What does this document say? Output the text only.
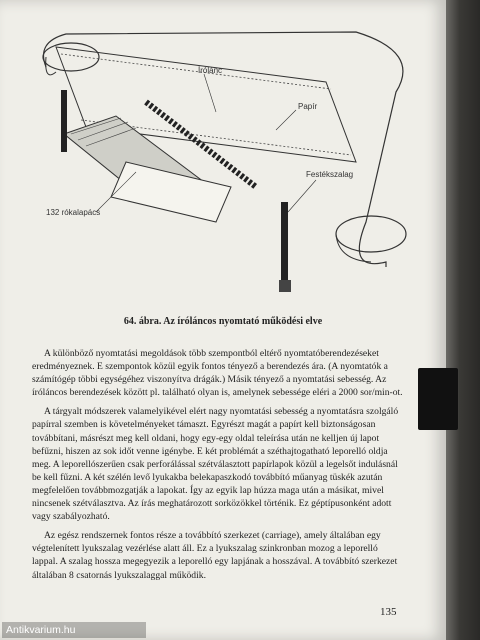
Írólánc
Papír
Festékszalag
132 rókalapács
64. ábra. Az íróláncos nyomtató működési elve

A különböző nyomtatási megoldások több szempontból eltérő nyomtatóberendezéseket eredményeznek. E szempontok közül egyik fontos tényező a berendezés ára. (A nyomtatók a számítógép többi egységéhez viszonyítva drágák.) Másik tényező a nyomtatási sebesség. Az íróláncos berendezések között pl. található olyan is, amelynek sebessége eléri a 2000 sor/min-ot.

A tárgyalt módszerek valamelyikével elért nagy nyomtatási sebesség a nyomtatásra szolgáló papírral szemben is követelményeket támaszt. Egyrészt magát a papírt kell biztonságosan továbbítani, másrészt meg kell oldani, hogy egy-egy oldal teleírása után ne kelljen új lapot befűzni, hiszen az sok időt venne igénybe. E két problémát a széthajtogatható leporelló oldja meg. A leporellószerűen csak perforálással szétválasztott papírlapok közül a legelsőt indulásnál be kell fűzni. A két szélén levő lyukakba belekapaszkodó továbbító műanyag tüskék azután megfelelően továbbmozgatják a lapokat. Így az egyik lap húzza maga után a másikat, mivel nincsenek szétválasztva. Az írás meghatározott sorközökkel történik. Ez géptípusonként adott vagy szabályozható.

Az egész rendszernek fontos része a továbbító szerkezet (carriage), amely általában egy végtelenített lyukszalag vezérlése alatt áll. Ez a lyukszalag szinkronban mozog a leporelló lappal. A szalag hossza megegyezik a leporelló egy lapjának a hosszával. A továbbító szerkezet általában 8 csatornás lyukszalaggal működik.

135
Antikvarium.hu
